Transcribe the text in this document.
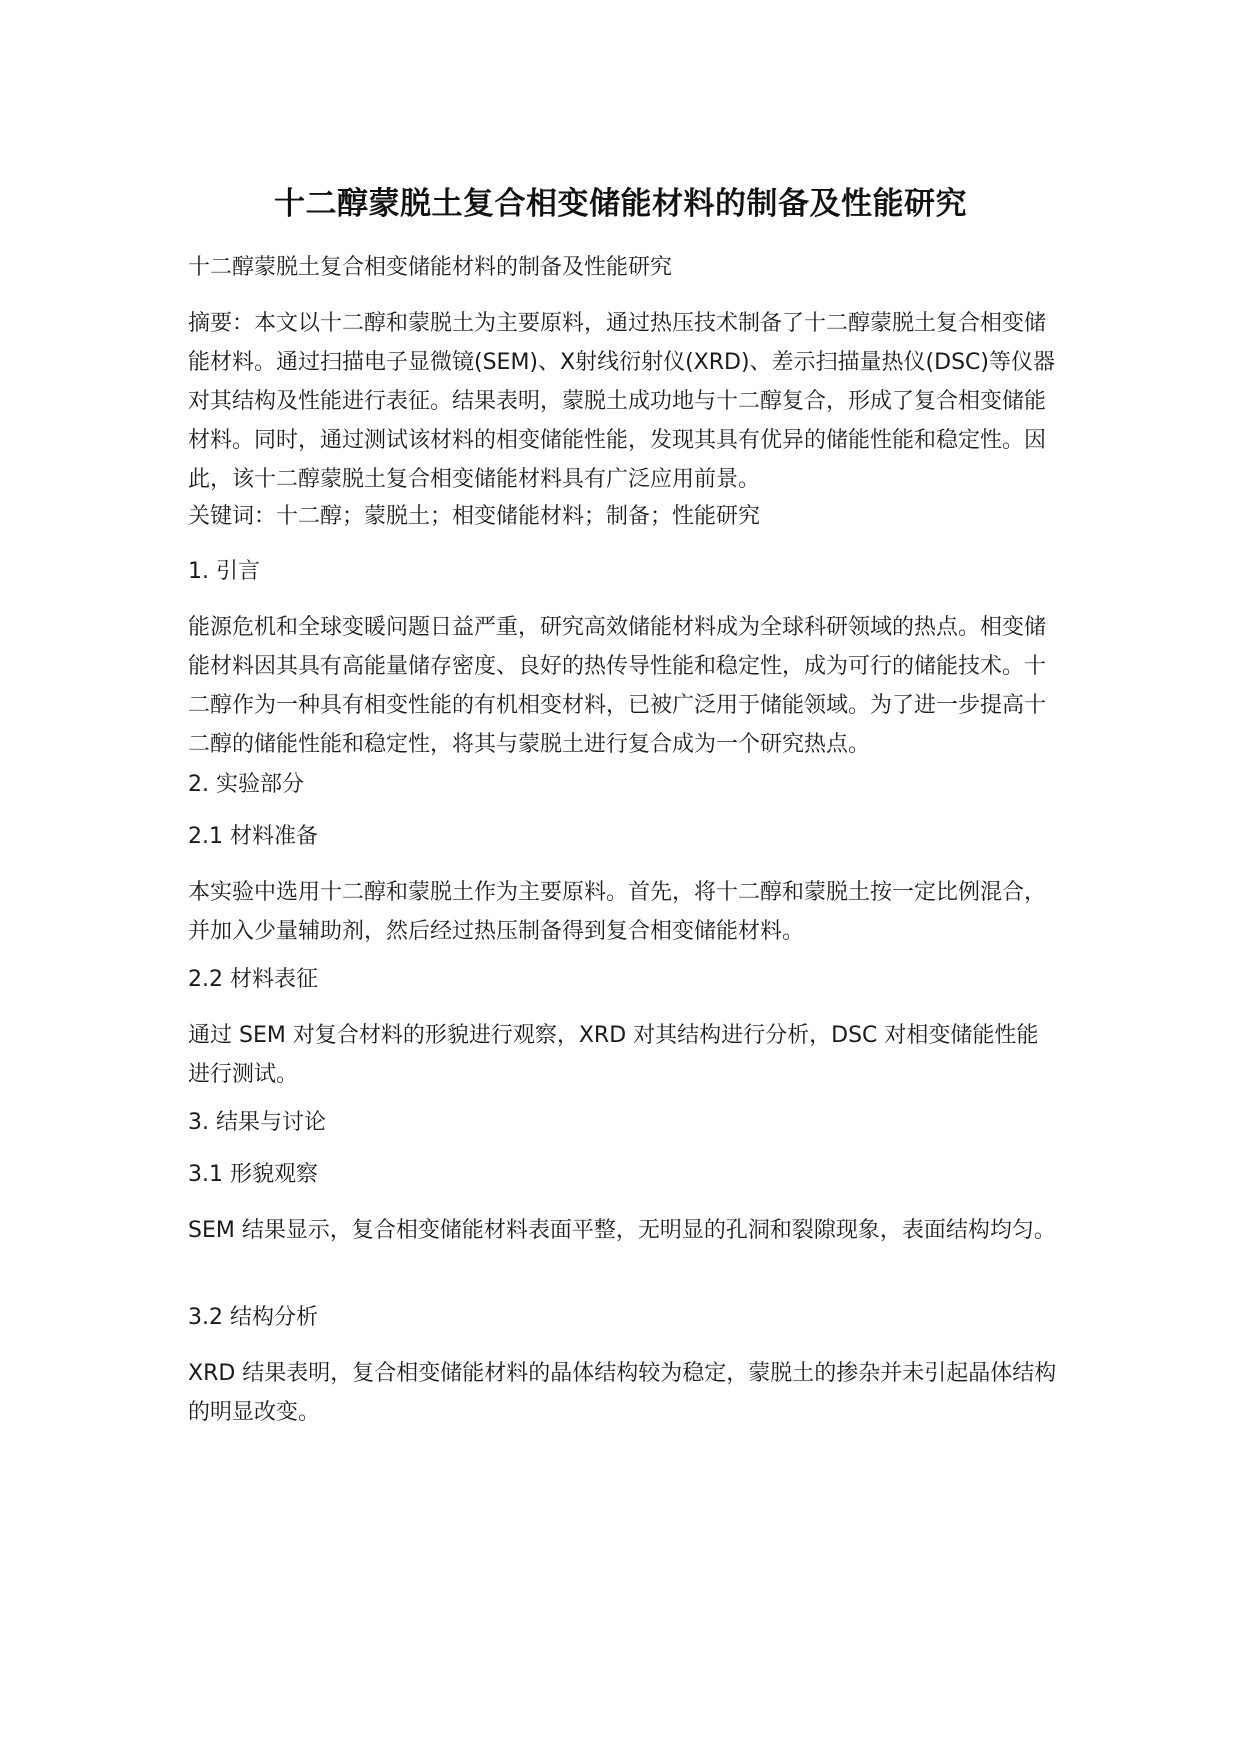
十二醇蒙脱土复合相变储能材料的制备及性能研究

十二醇蒙脱土复合相变储能材料的制备及性能研究

摘要：本文以十二醇和蒙脱土为主要原料，通过热压技术制备了十二醇蒙脱土复合相变储能材料。通过扫描电子显微镜(SEM)、X射线衍射仪(XRD)、差示扫描量热仪(DSC)等仪器对其结构及性能进行表征。结果表明，蒙脱土成功地与十二醇复合，形成了复合相变储能材料。同时，通过测试该材料的相变储能性能，发现其具有优异的储能性能和稳定性。因此，该十二醇蒙脱土复合相变储能材料具有广泛应用前景。

关键词：十二醇；蒙脱土；相变储能材料；制备；性能研究

1. 引言

能源危机和全球变暖问题日益严重，研究高效储能材料成为全球科研领域的热点。相变储能材料因其具有高能量储存密度、良好的热传导性能和稳定性，成为可行的储能技术。十二醇作为一种具有相变性能的有机相变材料，已被广泛用于储能领域。为了进一步提高十二醇的储能性能和稳定性，将其与蒙脱土进行复合成为一个研究热点。

2. 实验部分

2.1 材料准备

本实验中选用十二醇和蒙脱土作为主要原料。首先，将十二醇和蒙脱土按一定比例混合，并加入少量辅助剂，然后经过热压制备得到复合相变储能材料。

2.2 材料表征

通过 SEM 对复合材料的形貌进行观察，XRD 对其结构进行分析，DSC 对相变储能性能进行测试。

3. 结果与讨论

3.1 形貌观察

SEM 结果显示，复合相变储能材料表面平整，无明显的孔洞和裂隙现象，表面结构均匀。

3.2 结构分析

XRD 结果表明，复合相变储能材料的晶体结构较为稳定，蒙脱土的掺杂并未引起晶体结构的明显改变。
